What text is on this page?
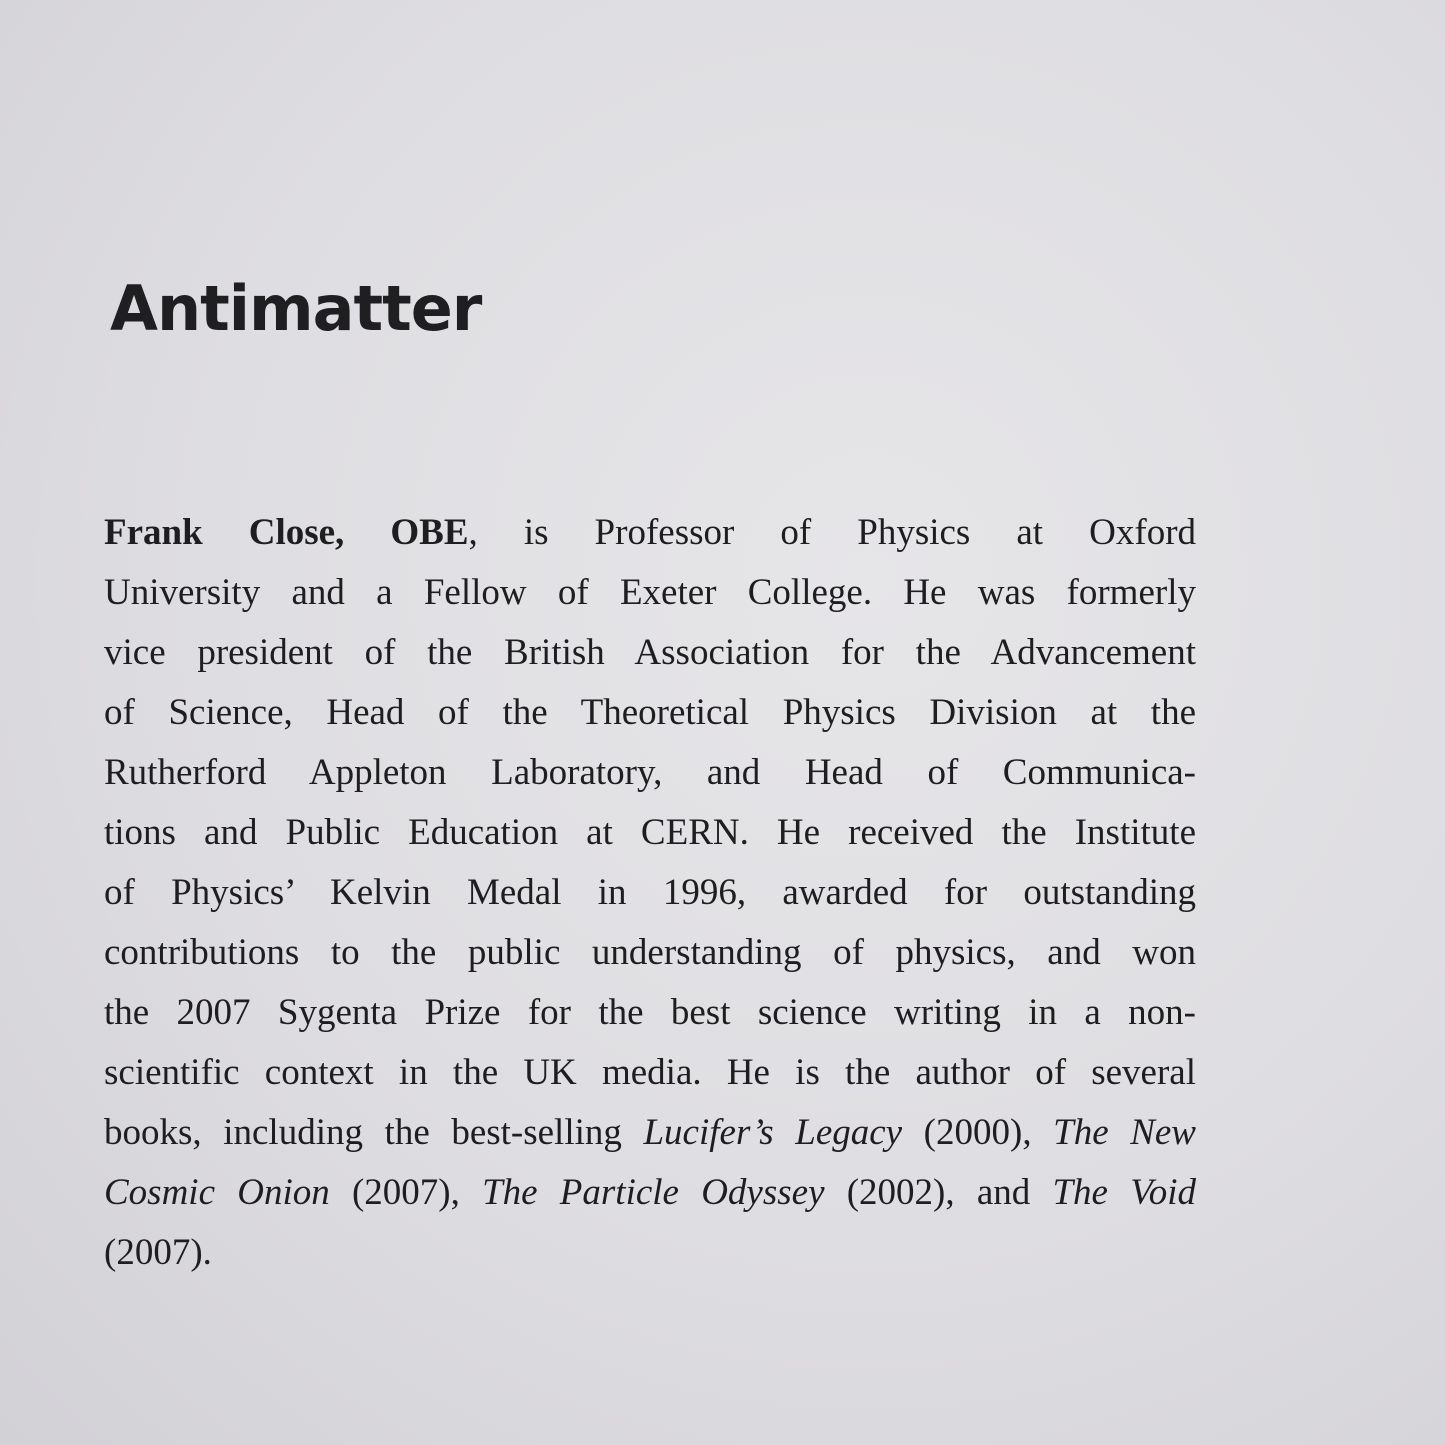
Antimatter
Frank Close, OBE, is Professor of Physics at Oxford
University and a Fellow of Exeter College. He was formerly
vice president of the British Association for the Advancement
of Science, Head of the Theoretical Physics Division at the
Rutherford Appleton Laboratory, and Head of Communica-
tions and Public Education at CERN. He received the Institute
of Physics’ Kelvin Medal in 1996, awarded for outstanding
contributions to the public understanding of physics, and won
the 2007 Sygenta Prize for the best science writing in a non-
scientific context in the UK media. He is the author of several
books, including the best-selling Lucifer’s Legacy (2000), The New
Cosmic Onion (2007), The Particle Odyssey (2002), and The Void
(2007).
